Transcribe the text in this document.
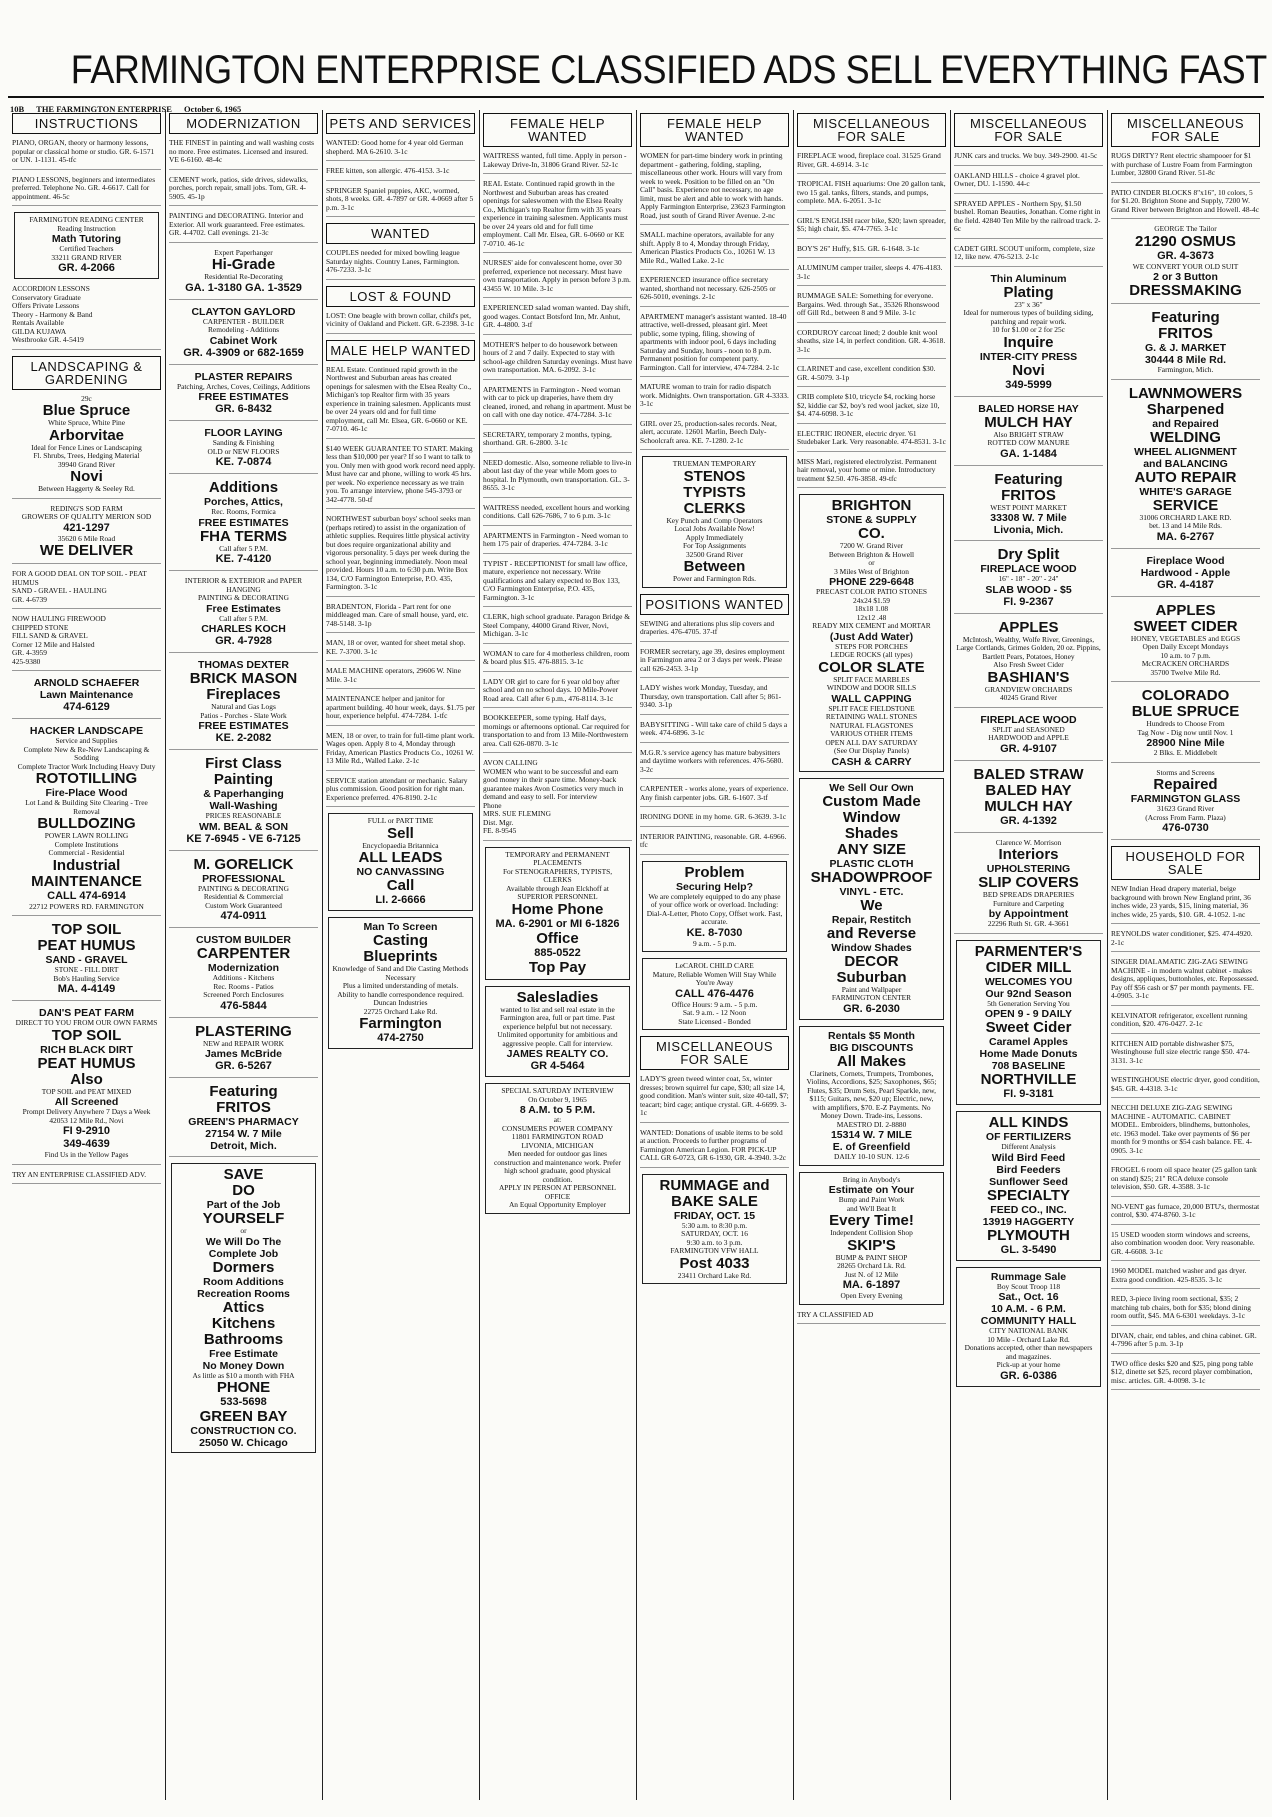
FARMINGTON ENTERPRISE CLASSIFIED ADS SELL EVERYTHING FAST
10B THE FARMINGTON ENTERPRISE October 6, 1965
INSTRUCTIONS
PIANO, ORGAN, theory or harmony lessons, popular or classical home or studio. GR. 6-1571 or UN. 1-1131. 45-tfc
PIANO LESSONS, beginners and intermediates preferred. Telephone No. GR. 4-6617. Call for appointment. 46-5c
FARMINGTON READING CENTER
Reading Instruction
Math Tutoring
Certified Teachers
33211 GRAND RIVER
GR. 4-2066
ACCORDION LESSONS
Conservatory Graduate
Offers Private Lessons
Theory - Harmony & Band
Rentals Available
GILDA KUJAWA
Westbrooke GR. 4-5419
LANDSCAPING & GARDENING
29c
Blue Spruce
White Spruce, White Pine
Arborvitae
Ideal for Fence Lines or Landscaping
Fl. Shrubs, Trees, Hedging Material
39940 Grand River
Novi
Between Haggerty & Seeley Rd.
REDING'S SOD FARM
GROWERS OF QUALITY MERION SOD
421-1297
35620 6 Mile Road
WE DELIVER
FOR A GOOD DEAL ON TOP SOIL - PEAT HUMUS
SAND - GRAVEL - HAULING
GR. 4-6739
NOW HAULING FIREWOOD
CHIPPED STONE
FILL SAND & GRAVEL
Corner 12 Mile and Halsted
GR. 4-3959
425-9380
ARNOLD SCHAEFER
Lawn Maintenance
474-6129
HACKER LANDSCAPE
Service and Supplies
Complete New & Re-New Landscaping & Sodding
Complete Tractor Work Including Heavy Duty
ROTOTILLING
Fire-Place Wood
Lot Land & Building Site Clearing - Tree Removal
BULLDOZING
POWER LAWN ROLLING
Complete Institutions
Commercial - Residential
Industrial
MAINTENANCE
CALL 474-6914
22712 POWERS RD. FARMINGTON
TOP SOIL
PEAT HUMUS
SAND - GRAVEL
STONE - FILL DIRT
Bob's Hauling Service
MA. 4-4149
DAN'S PEAT FARM
DIRECT TO YOU FROM OUR OWN FARMS
TOP SOIL
RICH BLACK DIRT
PEAT HUMUS
Also
TOP SOIL and PEAT MIXED
All Screened
Prompt Delivery Anywhere 7 Days a Week
42053 12 Mile Rd., Novi
FI 9-2910
349-4639
Find Us in the Yellow Pages
TRY AN ENTERPRISE CLASSIFIED ADV.
MODERNIZATION
THE FINEST in painting and wall washing costs no more. Free estimates. Licensed and insured. VE 6-6160. 48-4c
CEMENT work, patios, side drives, sidewalks, porches, porch repair, small jobs. Tom, GR. 4-5905. 45-1p
PAINTING and DECORATING. Interior and Exterior. All work guaranteed. Free estimates. GR. 4-4702. Call evenings. 21-3c
Expert Paperhanger
Hi-Grade
Residential Re-Decorating
GA. 1-3180 GA. 1-3529
CLAYTON GAYLORD
CARPENTER - BUILDER
Remodeling - Additions
Cabinet Work
GR. 4-3909 or 682-1659
PLASTER REPAIRS
Patching, Arches, Coves, Ceilings, Additions
FREE ESTIMATES
GR. 6-8432
FLOOR LAYING
Sanding & Finishing
OLD or NEW FLOORS
KE. 7-0874
Additions
Porches, Attics,
Rec. Rooms, Formica
FREE ESTIMATES
FHA TERMS
Call after 5 P.M.
KE. 7-4120
INTERIOR & EXTERIOR and PAPER HANGING
PAINTING & DECORATING
Free Estimates
Call after 5 P.M.
CHARLES KOCH
GR. 4-7928
THOMAS DEXTER
BRICK MASON
Fireplaces
Natural and Gas Logs
Patios - Porches - Slate Work
FREE ESTIMATES
KE. 2-2082
First Class
Painting
& Paperhanging
Wall-Washing
PRICES REASONABLE
WM. BEAL & SON
KE 7-6945 - VE 6-7125
M. GORELICK
PROFESSIONAL
PAINTING & DECORATING
Residential & Commercial
Custom Work Guaranteed
474-0911
CUSTOM BUILDER
CARPENTER
Modernization
Additions - Kitchens
Rec. Rooms - Patios
Screened Porch Enclosures
476-5844
PLASTERING
NEW and REPAIR WORK
James McBride
GR. 6-5267
Featuring
FRITOS
GREEN'S PHARMACY
27154 W. 7 Mile
Detroit, Mich.
SAVE
DO
Part of the Job
YOURSELF
or
We Will Do The
Complete Job
Dormers
Room Additions
Recreation Rooms
Attics
Kitchens
Bathrooms
Free Estimate
No Money Down
As little as $10 a month with FHA
PHONE
533-5698
GREEN BAY
CONSTRUCTION CO.
25050 W. Chicago
PETS AND SERVICES
WANTED: Good home for 4 year old German shepherd. MA 6-2610. 3-1c
FREE kitten, son allergic. 476-4153. 3-1c
SPRINGER Spaniel puppies, AKC, wormed, shots, 8 weeks. GR. 4-7897 or GR. 4-0669 after 5 p.m. 3-1c
WANTED
COUPLES needed for mixed bowling league Saturday nights. Country Lanes, Farmington. 476-7233. 3-1c
LOST & FOUND
LOST: One beagle with brown collar, child's pet, vicinity of Oakland and Pickett. GR. 6-2398. 3-1c
MALE HELP WANTED
REAL Estate. Continued rapid growth in the Northwest and Suburban areas has created openings for salesmen with the Elsea Realty Co., Michigan's top Realtor firm with 35 years experience in training salesmen. Applicants must be over 24 years old and for full time employment, call Mr. Elsea, GR. 6-0660 or KE. 7-0710. 46-1c
$140 WEEK GUARANTEE TO START. Making less than $10,000 per year? If so I want to talk to you. Only men with good work record need apply. Must have car and phone, willing to work 45 hrs. per week. No experience necessary as we train you. To arrange interview, phone 545-3793 or 342-4778. 50-tf
NORTHWEST suburban boys' school seeks man (perhaps retired) to assist in the organization of athletic supplies. Requires little physical activity but does require organizational ability and vigorous personality. 5 days per week during the school year, beginning immediately. Noon meal provided. Hours 10 a.m. to 6:30 p.m. Write Box 134, C/O Farmington Enterprise, P.O. 435, Farmington. 3-1c
BRADENTON, Florida - Part rent for one middleaged man. Care of small house, yard, etc. 748-5148. 3-1p
MAN, 18 or over, wanted for sheet metal shop. KE. 7-3700. 3-1c
MALE MACHINE operators, 29606 W. Nine Mile. 3-1c
MAINTENANCE helper and janitor for apartment building. 40 hour week, days. $1.75 per hour, experience helpful. 474-7284. 1-tfc
MEN, 18 or over, to train for full-time plant work. Wages open. Apply 8 to 4, Monday through Friday, American Plastics Products Co., 10261 W. 13 Mile Rd., Walled Lake. 2-1c
SERVICE station attendant or mechanic. Salary plus commission. Good position for right man. Experience preferred. 476-8190. 2-1c
FULL or PART TIME
Sell
Encyclopaedia Britannica
ALL LEADS
NO CANVASSING
Call
LI. 2-6666
Man To Screen
Casting
Blueprints
Knowledge of Sand and Die Casting Methods Necessary
Plus a limited understanding of metals. Ability to handle correspondence required.
Duncan Industries
22725 Orchard Lake Rd.
Farmington
474-2750
FEMALE HELP WANTED
WAITRESS wanted, full time. Apply in person - Lakeway Drive-In, 31806 Grand River. 52-1c
REAL Estate. Continued rapid growth in the Northwest and Suburban areas has created openings for saleswomen with the Elsea Realty Co., Michigan's top Realtor firm with 35 years experience in training salesmen. Applicants must be over 24 years old and for full time employment. Call Mr. Elsea, GR. 6-0660 or KE 7-0710. 46-1c
NURSES' aide for convalescent home, over 30 preferred, experience not necessary. Must have own transportation. Apply in person before 3 p.m. 43455 W. 10 Mile. 3-1c
EXPERIENCED salad woman wanted. Day shift, good wages. Contact Botsford Inn, Mr. Anhut, GR. 4-4800. 3-tf
MOTHER'S helper to do housework between hours of 2 and 7 daily. Expected to stay with school-age children Saturday evenings. Must have own transportation. MA. 6-2092. 3-1c
APARTMENTS in Farmington - Need woman with car to pick up draperies, have them dry cleaned, ironed, and rehang in apartment. Must be on call with one day notice. 474-7284. 3-1c
SECRETARY, temporary 2 months, typing, shorthand. GR. 6-2800. 3-1c
NEED domestic. Also, someone reliable to live-in about last day of the year while Mom goes to hospital. In Plymouth, own transportation. GL. 3-8655. 3-1c
WAITRESS needed, excellent hours and working conditions. Call 626-7686, 7 to 6 p.m. 3-1c
APARTMENTS in Farmington - Need woman to hem 175 pair of draperies. 474-7284. 3-1c
TYPIST - RECEPTIONIST for small law office, mature, experience not necessary. Write qualifications and salary expected to Box 133, C/O Farmington Enterprise, P.O. 435, Farmington. 3-1c
CLERK, high school graduate. Paragon Bridge & Steel Company, 44000 Grand River, Novi, Michigan. 3-1c
WOMAN to care for 4 motherless children, room & board plus $15. 476-8815. 3-1c
LADY OR girl to care for 6 year old boy after school and on no school days. 10 Mile-Power Road area. Call after 6 p.m., 476-8114. 3-1c
BOOKKEEPER, some typing. Half days, mornings or afternoons optional. Car required for transportation to and from 13 Mile-Northwestern area. Call 626-0870. 3-1c
AVON CALLING
WOMEN who want to be successful and earn good money in their spare time. Money-back guarantee makes Avon Cosmetics very much in demand and easy to sell. For interview
Phone
MRS. SUE FLEMING
Dist. Mgr.
FE. 8-9545
TEMPORARY and PERMANENT PLACEMENTS
For STENOGRAPHERS, TYPISTS, CLERKS
Available through Jean Elckhoff at
SUPERIOR PERSONNEL
Home Phone
MA. 6-2901 or MI 6-1826
Office
885-0522
Top Pay
Salesladies
wanted to list and sell real estate in the Farmington area, full or part time. Past experience helpful but not necessary. Unlimited opportunity for ambitious and aggressive people. Call for interview.
JAMES REALTY CO.
GR 4-5464
SPECIAL SATURDAY INTERVIEW
On October 9, 1965
8 A.M. to 5 P.M.
at:
CONSUMERS POWER COMPANY
11801 FARMINGTON ROAD
LIVONIA, MICHIGAN
Men needed for outdoor gas lines construction and maintenance work. Prefer high school graduate, good physical condition.
APPLY IN PERSON AT PERSONNEL OFFICE
An Equal Opportunity Employer
FEMALE HELP WANTED
WOMEN for part-time bindery work in printing department - gathering, folding, stapling, miscellaneous other work. Hours will vary from week to week. Position to be filled on an "On Call" basis. Experience not necessary, no age limit, must be alert and able to work with hands. Apply Farmington Enterprise, 23623 Farmington Road, just south of Grand River Avenue. 2-nc
SMALL machine operators, available for any shift. Apply 8 to 4, Monday through Friday, American Plastics Products Co., 10261 W. 13 Mile Rd., Walled Lake. 2-1c
EXPERIENCED insurance office secretary wanted, shorthand not necessary. 626-2505 or 626-5010, evenings. 2-1c
APARTMENT manager's assistant wanted. 18-40 attractive, well-dressed, pleasant girl. Meet public, some typing, filing, showing of apartments with indoor pool, 6 days including Saturday and Sunday, hours - noon to 8 p.m. Permanent position for competent party. Farmington. Call for interview, 474-7284. 2-1c
MATURE woman to train for radio dispatch work. Midnights. Own transportation. GR 4-3333. 3-1c
GIRL over 25, production-sales records. Neat, alert, accurate. 12601 Marlin, Beech Daly-Schoolcraft area. KE. 7-1280. 2-1c
TRUEMAN TEMPORARY
STENOS
TYPISTS
CLERKS
Key Punch and Comp Operators
Local Jobs Available Now!
Apply Immediately
For Top Assignments
32500 Grand River
Between
Power and Farmington Rds.
POSITIONS WANTED
SEWING and alterations plus slip covers and draperies. 476-4705. 37-tf
FORMER secretary, age 39, desires employment in Farmington area 2 or 3 days per week. Please call 626-2453. 3-1p
LADY wishes work Monday, Tuesday, and Thursday, own transportation. Call after 5; 861-9340. 3-1p
BABYSITTING - Will take care of child 5 days a week. 474-6896. 3-1c
M.G.R.'s service agency has mature babysitters and daytime workers with references. 476-5680. 3-2c
CARPENTER - works alone, years of experience. Any finish carpenter jobs. GR. 6-1607. 3-tf
IRONING DONE in my home. GR. 6-3639. 3-1c
INTERIOR PAINTING, reasonable. GR. 4-6966. tfc
Problem
Securing Help?
We are completely equipped to do any phase of your office work or overload. Including: Dial-A-Letter, Photo Copy, Offset work. Fast, accurate.
KE. 8-7030
9 a.m. - 5 p.m.
LeCAROL CHILD CARE
Mature, Reliable Women Will Stay While You're Away
CALL 476-4476
Office Hours: 9 a.m. - 5 p.m.
Sat. 9 a.m. - 12 Noon
State Licensed - Bonded
MISCELLANEOUS FOR SALE
LADY'S green tweed winter coat, 5x, winter dresses; brown squirrel fur cape, $30; all size 14, good condition. Man's winter suit, size 40-tall, $7; teacart; bird cage; antique crystal. GR. 4-6699. 3-1c
WANTED: Donations of usable items to be sold at auction. Proceeds to further programs of Farmington American Legion. FOR PICK-UP CALL GR 6-0723, GR 6-1930, GR. 4-3940. 3-2c
RUMMAGE and
BAKE SALE
FRIDAY, OCT. 15
5:30 a.m. to 8:30 p.m.
SATURDAY, OCT. 16
9:30 a.m. to 3 p.m.
FARMINGTON VFW HALL
Post 4033
23411 Orchard Lake Rd.
MISCELLANEOUS FOR SALE
FIREPLACE wood, fireplace coal. 31525 Grand River, GR. 4-6914. 3-1c
TROPICAL FISH aquariums: One 20 gallon tank, two 15 gal. tanks, filters, stands, and pumps, complete. MA. 6-2051. 3-1c
GIRL'S ENGLISH racer bike, $20; lawn spreader, $5; high chair, $5. 474-7765. 3-1c
BOY'S 26" Huffy, $15. GR. 6-1648. 3-1c
ALUMINUM camper trailer, sleeps 4. 476-4183. 3-1c
RUMMAGE SALE: Something for everyone. Bargains. Wed. through Sat., 35326 Rhonswood off Gill Rd., between 8 and 9 Mile. 3-1c
CORDUROY carcoat lined; 2 double knit wool sheaths, size 14, in perfect condition. GR. 4-3618. 3-1c
CLARINET and case, excellent condition $30. GR. 4-5079. 3-1p
CRIB complete $10, tricycle $4, rocking horse $2, kiddie car $2, boy's red wool jacket, size 10, $4. 474-6098. 3-1c
ELECTRIC IRONER, electric dryer. '61 Studebaker Lark. Very reasonable. 474-8531. 3-1c
MISS Mari, registered electrolyzist. Permanent hair removal, your home or mine. Introductory treatment $2.50. 476-3858. 49-tfc
BRIGHTON
STONE & SUPPLY
CO.
7200 W. Grand River
Between Brighton & Howell
or
3 Miles West of Brighton
PHONE 229-6648
PRECAST COLOR PATIO STONES
24x24 $1.59
18x18 1.08
12x12 .48
READY MIX CEMENT and MORTAR
(Just Add Water)
STEPS FOR PORCHES
LEDGE ROCKS (all types)
COLOR SLATE
SPLIT FACE MARBLES
WINDOW and DOOR SILLS
WALL CAPPING
SPLIT FACE FIELDSTONE
RETAINING WALL STONES
NATURAL FLAGSTONES
VARIOUS OTHER ITEMS
OPEN ALL DAY SATURDAY
(See Our Display Panels)
CASH & CARRY
We Sell Our Own
Custom Made
Window
Shades
ANY SIZE
PLASTIC CLOTH
SHADOWPROOF
VINYL - ETC.
We
Repair, Restitch
and Reverse
Window Shades
DECOR
Suburban
Paint and Wallpaper
FARMINGTON CENTER
GR. 6-2030
Rentals $5 Month
BIG DISCOUNTS
All Makes
Clarinets, Cornets, Trumpets, Trombones, Violins, Accordions, $25; Saxophones, $65; Flutes, $35; Drum Sets, Pearl Sparkle, new, $115; Guitars, new, $20 up; Electric, new, with amplifiers, $70. E-Z Payments. No Money Down. Trade-ins, Lessons.
MAESTRO DI. 2-8880
15314 W. 7 MILE
E. of Greenfield
DAILY 10-10 SUN. 12-6
Bring in Anybody's
Estimate on Your
Bump and Paint Work
and We'll Beat It
Every Time!
Independent Collision Shop
SKIP'S
BUMP & PAINT SHOP
28265 Orchard Lk. Rd.
Just N. of 12 Mile
MA. 6-1897
Open Every Evening
TRY A CLASSIFIED AD
MISCELLANEOUS FOR SALE
JUNK cars and trucks. We buy. 349-2900. 41-5c
OAKLAND HILLS - choice 4 gravel plot. Owner, DU. 1-1590. 44-c
SPRAYED APPLES - Northern Spy, $1.50 bushel. Roman Beauties, Jonathan. Come right in the field. 42840 Ten Mile by the railroad track. 2-6c
CADET GIRL SCOUT uniform, complete, size 12, like new. 476-5213. 2-1c
Thin Aluminum
Plating
23" x 36"
Ideal for numerous types of building siding, patching and repair work.
10 for $1.00 or 2 for 25c
Inquire
INTER-CITY PRESS
Novi
349-5999
BALED HORSE HAY
MULCH HAY
Also BRIGHT STRAW
ROTTED COW MANURE
GA. 1-1484
Featuring
FRITOS
WEST POINT MARKET
33308 W. 7 Mile
Livonia, Mich.
Dry Split
FIREPLACE WOOD
16" - 18" - 20" - 24"
SLAB WOOD - $5
FI. 9-2367
APPLES
McIntosh, Wealthy, Wolfe River, Greenings, Large Cortlands, Grimes Golden, 20 oz. Pippins, Bartlett Pears, Potatoes, Honey
Also Fresh Sweet Cider
BASHIAN'S
GRANDVIEW ORCHARDS
40245 Grand River
FIREPLACE WOOD
SPLIT and SEASONED
HARDWOOD and APPLE
GR. 4-9107
BALED STRAW
BALED HAY
MULCH HAY
GR. 4-1392
Clarence W. Morrison
Interiors
UPHOLSTERING
SLIP COVERS
BED SPREADS DRAPERIES
Furniture and Carpeting
by Appointment
22296 Ruth St. GR. 4-3661
PARMENTER'S
CIDER MILL
WELCOMES YOU
Our 92nd Season
5th Generation Serving You
OPEN 9 - 9 DAILY
Sweet Cider
Caramel Apples
Home Made Donuts
708 BASELINE
NORTHVILLE
FI. 9-3181
ALL KINDS
OF FERTILIZERS
Different Analysis
Wild Bird Feed
Bird Feeders
Sunflower Seed
SPECIALTY
FEED CO., INC.
13919 HAGGERTY
PLYMOUTH
GL. 3-5490
Rummage Sale
Boy Scout Troop 118
Sat., Oct. 16
10 A.M. - 6 P.M.
COMMUNITY HALL
CITY NATIONAL BANK
10 Mile - Orchard Lake Rd.
Donations accepted, other than newspapers and magazines.
Pick-up at your home
GR. 6-0386
MISCELLANEOUS FOR SALE
RUGS DIRTY? Rent electric shampooer for $1 with purchase of Lustre Foam from Farmington Lumber, 32800 Grand River. 51-8c
PATIO CINDER BLOCKS 8"x16", 10 colors, 5 for $1.20. Brighton Stone and Supply, 7200 W. Grand River between Brighton and Howell. 48-4c
GEORGE The Tailor
21290 OSMUS
GR. 4-3673
WE CONVERT YOUR OLD SUIT
2 or 3 Button
DRESSMAKING
Featuring
FRITOS
G. & J. MARKET
30444 8 Mile Rd.
Farmington, Mich.
LAWNMOWERS
Sharpened
and Repaired
WELDING
WHEEL ALIGNMENT
and BALANCING
AUTO REPAIR
WHITE'S GARAGE
SERVICE
31006 ORCHARD LAKE RD.
bet. 13 and 14 Mile Rds.
MA. 6-2767
Fireplace Wood
Hardwood - Apple
GR. 4-4187
APPLES
SWEET CIDER
HONEY, VEGETABLES and EGGS
Open Daily Except Mondays
10 a.m. to 7 p.m.
McCRACKEN ORCHARDS
35700 Twelve Mile Rd.
COLORADO
BLUE SPRUCE
Hundreds to Choose From
Tag Now - Dig now until Nov. 1
28900 Nine Mile
2 Blks. E. Middlebelt
Storms and Screens
Repaired
FARMINGTON GLASS
31623 Grand River
(Across From Farm. Plaza)
476-0730
HOUSEHOLD FOR SALE
NEW Indian Head drapery material, beige background with brown New England print, 36 inches wide, 23 yards, $15, lining material, 36 inches wide, 25 yards, $10. GR. 4-1052. 1-nc
REYNOLDS water conditioner, $25. 474-4920. 2-1c
SINGER DIALAMATIC ZIG-ZAG SEWING MACHINE - in modern walnut cabinet - makes designs, appliques, buttonholes, etc. Repossessed. Pay off $56 cash or $7 per month payments. FE. 4-0905. 3-1c
KELVINATOR refrigerator, excellent running condition, $20. 476-0427. 2-1c
KITCHEN AID portable dishwasher $75, Westinghouse full size electric range $50. 474-3131. 3-1c
WESTINGHOUSE electric dryer, good condition, $45. GR. 4-4318. 3-1c
NECCHI DELUXE ZIG-ZAG SEWING MACHINE - AUTOMATIC. CABINET MODEL. Embroiders, blindhems, buttonholes, etc. 1963 model. Take over payments of $6 per month for 9 months or $54 cash balance. FE. 4-0905. 3-1c
FROGEL 6 room oil space heater (25 gallon tank on stand) $25; 21" RCA deluxe console television, $50. GR. 4-3588. 3-1c
NO-VENT gas furnace, 20,000 BTU's, thermostat control, $30. 474-8760. 3-1c
15 USED wooden storm windows and screens, also combination wooden door. Very reasonable. GR. 4-6608. 3-1c
1960 MODEL matched washer and gas dryer. Extra good condition. 425-8535. 3-1c
RED, 3-piece living room sectional, $35; 2 matching tub chairs, both for $35; blond dining room outfit, $45. MA 6-6301 weekdays. 3-1c
DIVAN, chair, end tables, and china cabinet. GR. 4-7996 after 5 p.m. 3-1p
TWO office desks $20 and $25, ping pong table $12, dinette set $25, record player combination, misc. articles. GR. 4-0098. 3-1c
